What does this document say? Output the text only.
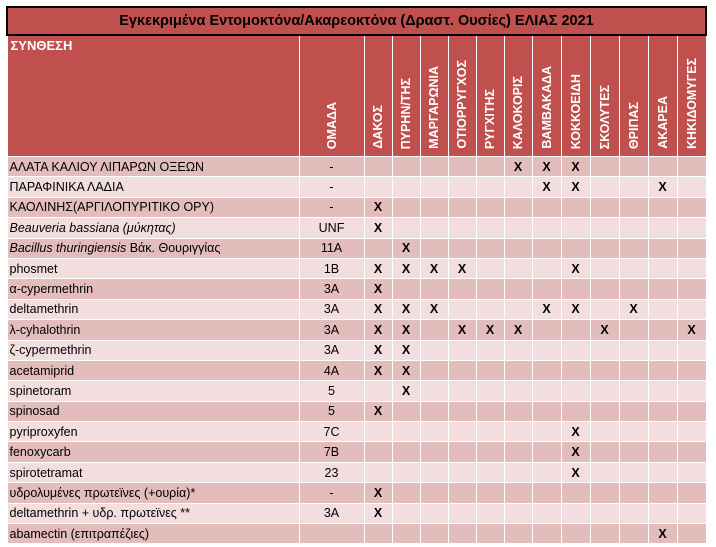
Εγκεκριμένα Εντομοκτόνα/Ακαρεοκτόνα (Δραστ. Ουσίες) ΕΛΙΑΣ 2021													
ΣΥΝΘΕΣΗ	ΟΜΑΔΑ	ΔΑΚΟΣ	ΠΥΡΗΝ/ΤΗΣ	ΜΑΡΓΑΡΩΝΙΑ	ΟΤΙΟΡΡΥΓΧΟΣ	ΡΥΓΧΙΤΗΣ	ΚΑΛΟΚΟΡΙΣ	ΒΑΜΒΑΚΑΔΑ	ΚΟΚΚΟΕΙΔΗ	ΣΚΟΛΥΤΕΣ	ΘΡΙΠΑΣ	ΑΚΑΡΕΑ	ΚΗΚΙΔΟΜΥΓΕΣ
ΑΛΑΤΑ ΚΑΛΙΟΥ ΛΙΠΑΡΩΝ ΟΞΕΩΝ	-						X	X	X				
ΠΑΡΑΦΙΝΙΚΑ ΛΑΔΙΑ	-							X	X			X	
ΚΑΟΛΙΝΗΣ(ΑΡΓΙΛΟΠΥΡΙΤΙΚΟ ΟΡΥ)	-	X											
Beauveria bassiana (μύκητας)	UNF	X											
Bacillus thuringiensis Βάκ. Θουριγγίας	11A		X										
phosmet	1B	X	X	X	X				X				
α-cypermethrin	3A	X											
deltamethrin	3A	X	X	X				X	X		X		
λ-cyhalothrin	3A	X	X		X	X	X			X			X
ζ-cypermethrin	3A	X	X										
acetamiprid	4A	X	X										
spinetoram	5		X										
spinosad	5	X											
pyriproxyfen	7C								X				
fenoxycarb	7B								X				
spirotetramat	23								X				
υδρολυμένες πρωτεϊνες (+ουρία)*	-	X											
deltamethrin + υδρ. πρωτεϊνες **	3A	X											
abamectin (επιτραπέζιες)												X	
